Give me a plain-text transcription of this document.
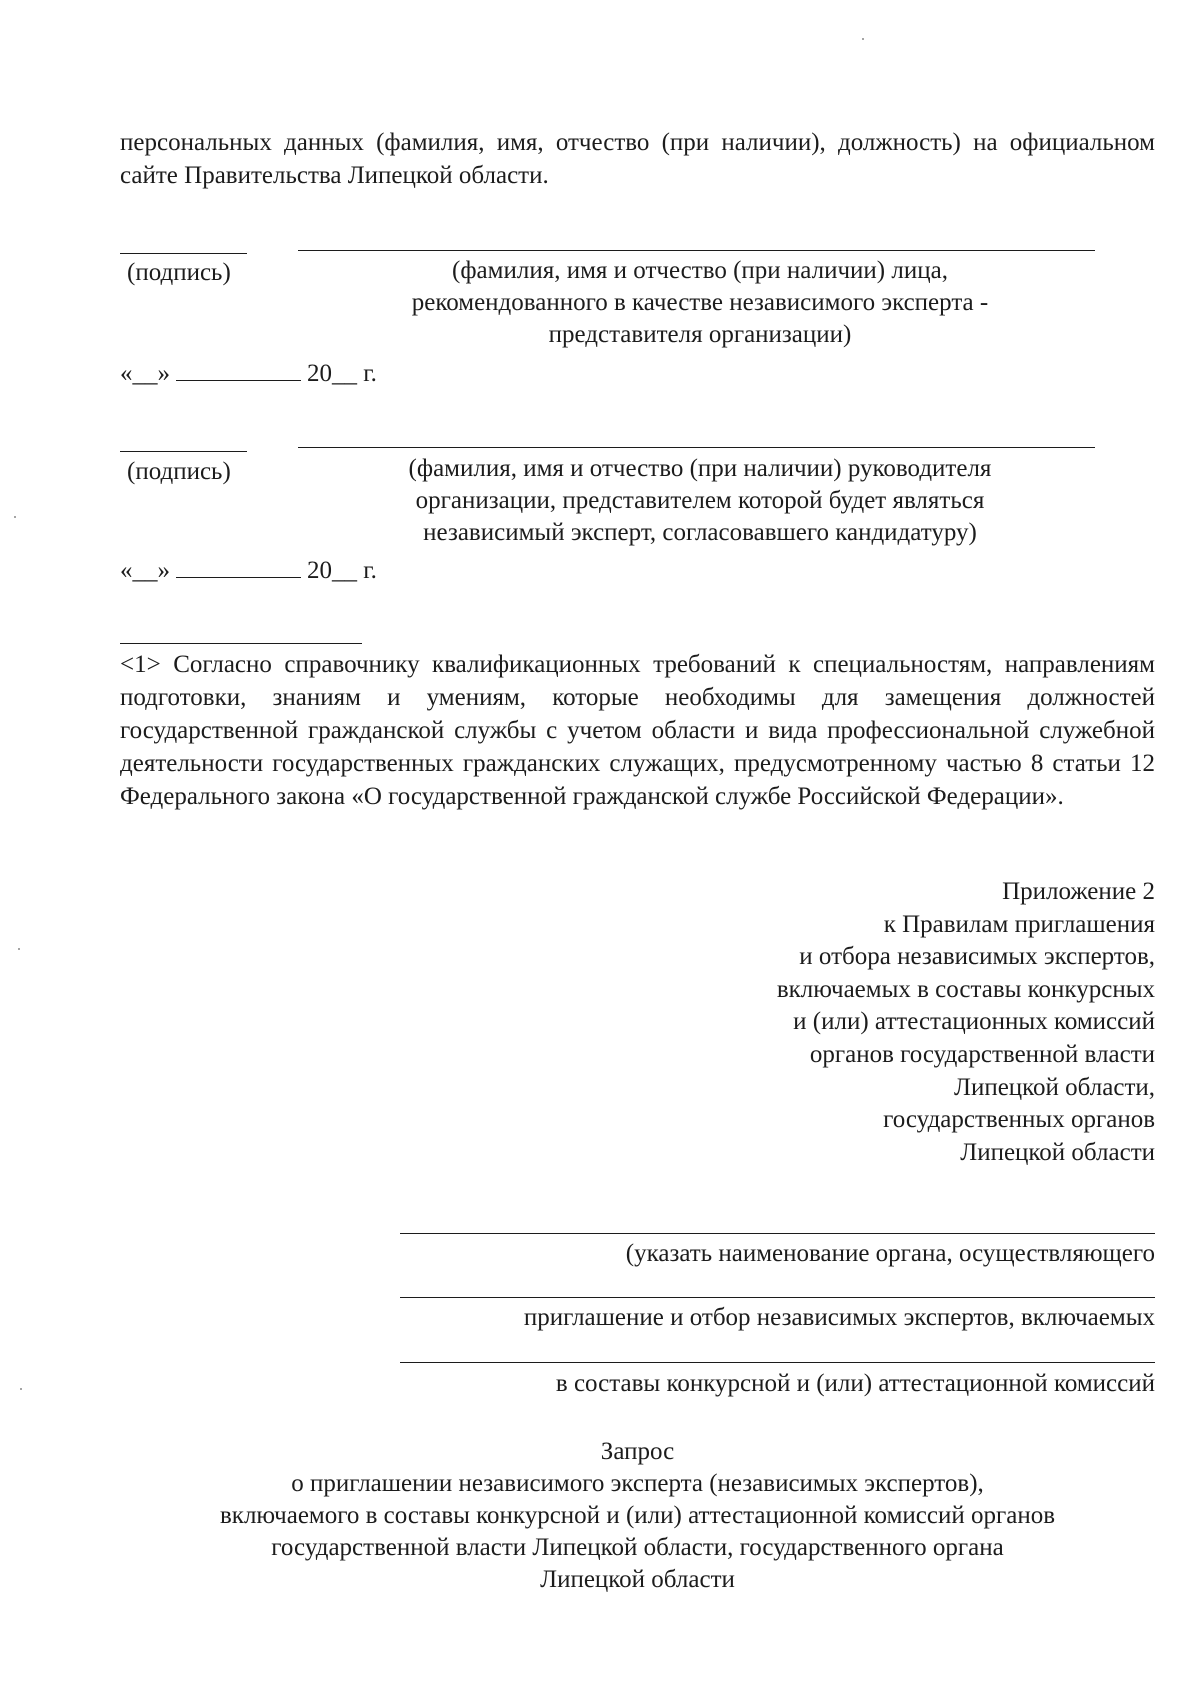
персональных данных (фамилия, имя, отчество (при наличии), должность) на официальном сайте Правительства Липецкой области.
(подпись)	(фамилия, имя и отчество (при наличии) лица,
рекомендованного в качестве независимого эксперта -
представителя организации)
«__»	20__ г.
(подпись)	(фамилия, имя и отчество (при наличии) руководителя
организации, представителем которой будет являться
независимый эксперт, согласовавшего кандидатуру)
«__»	20__ г.
<1> Согласно справочнику квалификационных требований к специальностям, направлениям подготовки, знаниям и умениям, которые необходимы для замещения должностей государственной гражданской службы с учетом области и вида профессиональной служебной деятельности государственных гражданских служащих, предусмотренному частью 8 статьи 12 Федерального закона «О государственной гражданской службе Российской Федерации».
Приложение 2
к Правилам приглашения
и отбора независимых экспертов,
включаемых в составы конкурсных
и (или) аттестационных комиссий
органов государственной власти
Липецкой области,
государственных органов
Липецкой области
(указать наименование органа, осуществляющего
приглашение и отбор независимых экспертов, включаемых
в составы конкурсной и (или) аттестационной комиссий
Запрос
о приглашении независимого эксперта (независимых экспертов),
включаемого в составы конкурсной и (или) аттестационной комиссий органов
государственной власти Липецкой области, государственного органа
Липецкой области
